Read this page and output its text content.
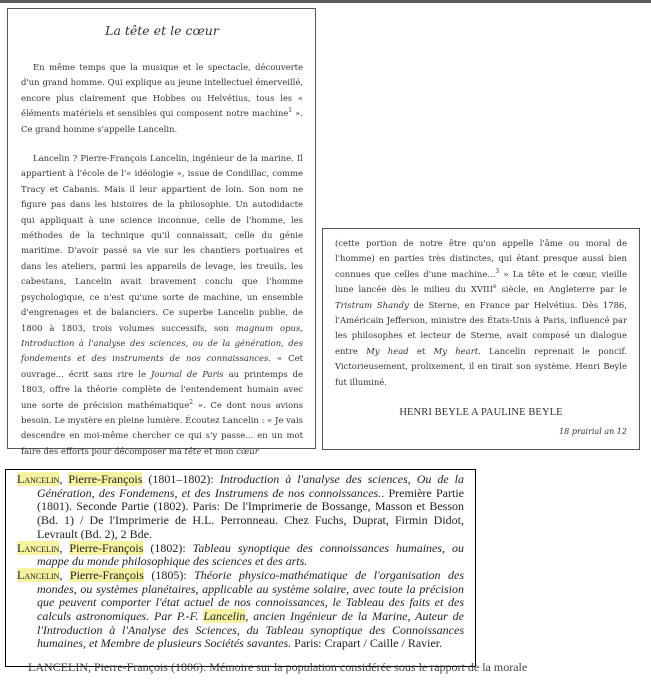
La tête et le cœur

En même temps que la musique et le spectacle, découverte d'un grand homme. Qui explique au jeune intellectuel émerveillé, encore plus clairement que Hobbes ou Helvétius, tous les « éléments matériels et sensibles qui composent notre machine$^1$ ». Ce grand homme s'appelle Lancelin.

Lancelin ? Pierre-François Lancelin, ingénieur de la marine. Il appartient à l'école de l'« idéologie », issue de Condillac, comme Tracy et Cabanis. Mais il leur appartient de loin. Son nom ne figure pas dans les histoires de la philosophie. Un autodidacte qui appliquait à une science inconnue, celle de l'homme, les méthodes de la technique qu'il connaissait, celle du génie maritime. D'avoir passé sa vie sur les chantiers portuaires et dans les ateliers, parmi les appareils de levage, les treuils, les cabestans, Lancelin avait bravement conclu que l'homme psychologique, ce n'est qu'une sorte de machine, un ensemble d'engrenages et de balanciers. Ce superbe Lancelin publie, de 1800 à 1803, trois volumes successifs, son magnum opus, Introduction à l'analyse des sciences, ou de la génération, des fondements et des instruments de nos connaissances. « Cet ouvrage... écrit sans rire le Journal de Paris au printemps de 1803, offre la théorie complète de l'entendement humain avec une sorte de précision mathématique$^2$ ». Ce dont nous avions besoin. Le mystère en pleine lumière. Écoutez Lancelin : « Je vais descendre en moi-même chercher ce qui s'y passe... en un mot faire des efforts pour décomposer ma tête et mon cœur

(cette portion de notre être qu'on appelle l'âme ou moral de l'homme) en parties très distinctes, qui étant presque aussi bien connues que celles d'une machine...$^3$ » La tête et le cœur, vieille lune lancée dès le milieu du XVIIIe siècle, en Angleterre par le Tristram Shandy de Sterne, en France par Helvétius. Dès 1786, l'Américain Jefferson, ministre des États-Unis à Paris, influencé par les philosophes et lecteur de Sterne, avait composé un dialogue entre My head et My heart. Lancelin reprenait le poncif. Victorieusement, prolixement, il en tirait son système. Henri Beyle fut illuminé.

HENRI BEYLE A PAULINE BEYLE

18 prairial an 12

Lancelin, Pierre-François (1801–1802): Introduction à l'analyse des sciences, Ou de la Génération, des Fondemens, et des Instrumens de nos connoissances.. Première Partie (1801). Seconde Partie (1802). Paris: De l'Imprimerie de Bossange, Masson et Besson (Bd. 1) / De l'Imprimerie de H.L. Perronneau. Chez Fuchs, Duprat, Firmin Didot, Levrault (Bd. 2), 2 Bde.

Lancelin, Pierre-François (1802): Tableau synoptique des connoissances humaines, ou mappe du monde philosophique des sciences et des arts.

Lancelin, Pierre-François (1805): Théorie physico-mathématique de l'organisation des mondes, ou systèmes planétaires, applicable au système solaire, avec toute la précision que peuvent comporter l'état actuel de nos connoissances, le Tableau des faits et des calculs astronomiques. Par P.-F. Lancelin, ancien Ingénieur de la Marine, Auteur de l'Introduction à l'Analyse des Sciences, du Tableau synoptique des Connoissances humaines, et Membre de plusieurs Sociétés savantes. Paris: Crapart / Caille / Ravier.

LANCELIN, Pierre-François (1806): Mémoire sur la population considérée sous le rapport de la morale
